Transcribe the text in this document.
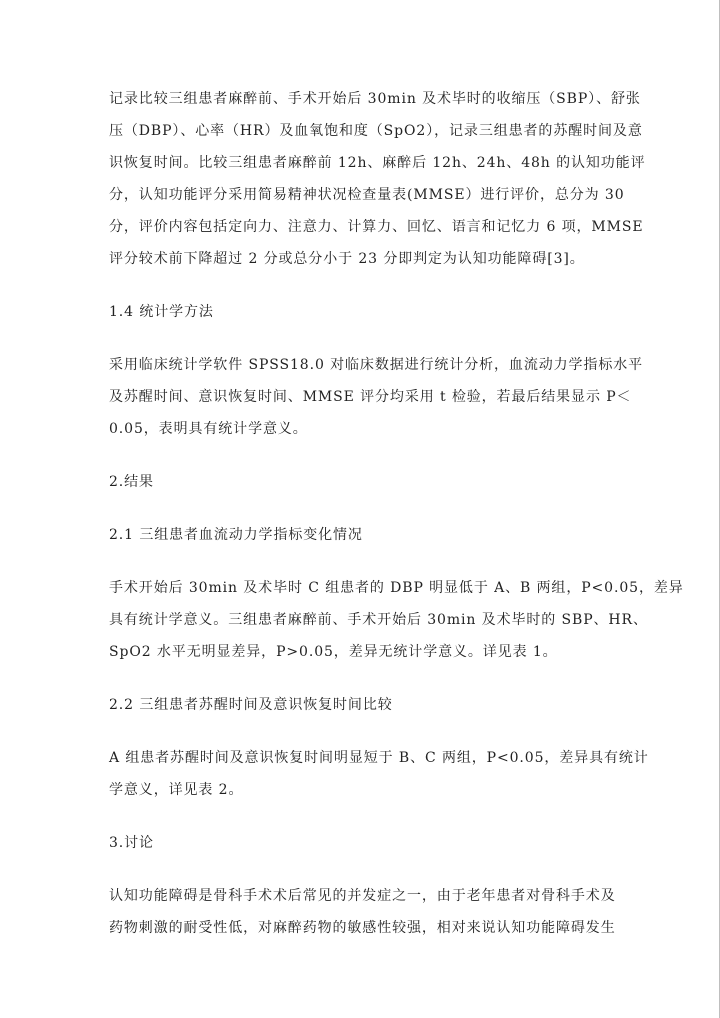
记录比较三组患者麻醉前、手术开始后 30min 及术毕时的收缩压（SBP）、舒张
压（DBP）、心率（HR）及血氧饱和度（SpO2），记录三组患者的苏醒时间及意
识恢复时间。比较三组患者麻醉前 12h、麻醉后 12h、24h、48h 的认知功能评
分，认知功能评分采用简易精神状况检查量表(MMSE）进行评价，总分为 30
分，评价内容包括定向力、注意力、计算力、回忆、语言和记忆力 6 项，MMSE
评分较术前下降超过 2 分或总分小于 23 分即判定为认知功能障碍[3]。
1.4 统计学方法
采用临床统计学软件 SPSS18.0 对临床数据进行统计分析，血流动力学指标水平
及苏醒时间、意识恢复时间、MMSE 评分均采用 t 检验，若最后结果显示 P＜
0.05，表明具有统计学意义。
2.结果
2.1 三组患者血流动力学指标变化情况
手术开始后 30min 及术毕时 C 组患者的 DBP 明显低于 A、B 两组，P<0.05，差异
具有统计学意义。三组患者麻醉前、手术开始后 30min 及术毕时的 SBP、HR、
SpO2 水平无明显差异，P>0.05，差异无统计学意义。详见表 1。
2.2 三组患者苏醒时间及意识恢复时间比较
A 组患者苏醒时间及意识恢复时间明显短于 B、C 两组，P<0.05，差异具有统计
学意义，详见表 2。
3.讨论
认知功能障碍是骨科手术术后常见的并发症之一，由于老年患者对骨科手术及
药物刺激的耐受性低，对麻醉药物的敏感性较强，相对来说认知功能障碍发生
